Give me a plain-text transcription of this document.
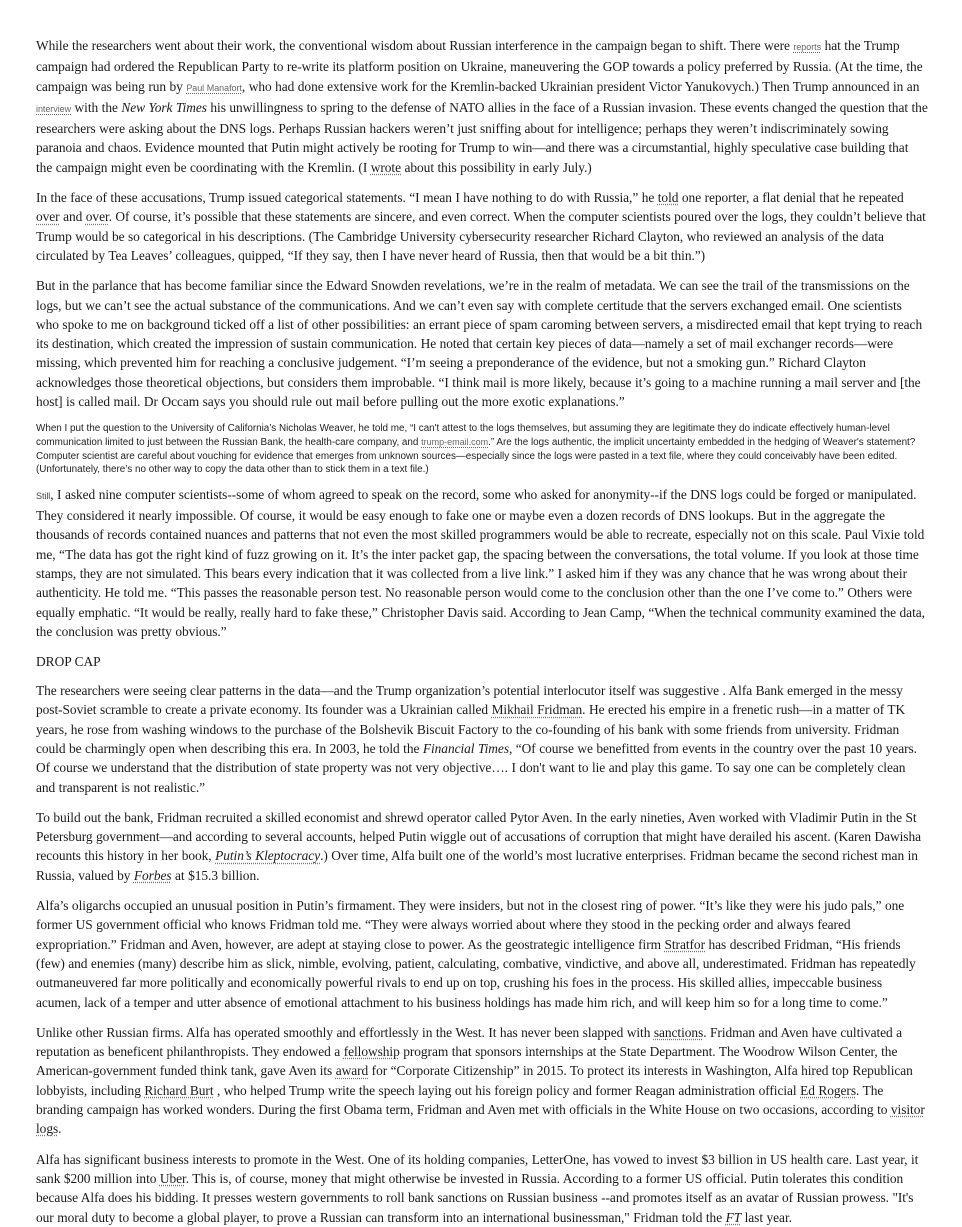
While the researchers went about their work, the conventional wisdom about Russian interference in the campaign began to shift. There were reports hat the Trump campaign had ordered the Republican Party to re-write its platform position on Ukraine, maneuvering the GOP towards a policy preferred by Russia. (At the time, the campaign was being run by Paul Manafort, who had done extensive work for the Kremlin-backed Ukrainian president Victor Yanukovych.) Then Trump announced in an interview with the New York Times his unwillingness to spring to the defense of NATO allies in the face of a Russian invasion. These events changed the question that the researchers were asking about the DNS logs. Perhaps Russian hackers weren’t just sniffing about for intelligence; perhaps they weren’t indiscriminately sowing paranoia and chaos. Evidence mounted that Putin might actively be rooting for Trump to win—and there was a circumstantial, highly speculative case building that the campaign might even be coordinating with the Kremlin. (I wrote about this possibility in early July.)

In the face of these accusations, Trump issued categorical statements. “I mean I have nothing to do with Russia,” he told one reporter, a flat denial that he repeated over and over. Of course, it’s possible that these statements are sincere, and even correct. When the computer scientists poured over the logs, they couldn’t believe that Trump would be so categorical in his descriptions. (The Cambridge University cybersecurity researcher Richard Clayton, who reviewed an analysis of the data circulated by Tea Leaves’ colleagues, quipped, “If they say, then I have never heard of Russia, then that would be a bit thin.”)

But in the parlance that has become familiar since the Edward Snowden revelations, we’re in the realm of metadata. We can see the trail of the transmissions on the logs, but we can’t see the actual substance of the communications. And we can’t even say with complete certitude that the servers exchanged email. One scientists who spoke to me on background ticked off a list of other possibilities: an errant piece of spam caroming between servers, a misdirected email that kept trying to reach its destination, which created the impression of sustain communication. He noted that certain key pieces of data—namely a set of mail exchanger records—were missing, which prevented him for reaching a conclusive judgement. “I’m seeing a preponderance of the evidence, but not a smoking gun.” Richard Clayton acknowledges those theoretical objections, but considers them improbable. “I think mail is more likely, because it’s going to a machine running a mail server and [the host] is called mail. Dr Occam says you should rule out mail before pulling out the more exotic explanations.”

When I put the question to the University of California’s Nicholas Weaver, he told me, “I can't attest to the logs themselves, but assuming they are legitimate they do indicate effectively human-level communication limited to just between the Russian Bank, the health-care company, and trump-email.com.” Are the logs authentic, the implicit uncertainty embedded in the hedging of Weaver's statement? Computer scientist are careful about vouching for evidence that emerges from unknown sources—especially since the logs were pasted in a text file, where they could conceivably have been edited. (Unfortunately, there’s no other way to copy the data other than to stick them in a text file.)

Still, I asked nine computer scientists--some of whom agreed to speak on the record, some who asked for anonymity--if the DNS logs could be forged or manipulated. They considered it nearly impossible. Of course, it would be easy enough to fake one or maybe even a dozen records of DNS lookups. But in the aggregate the thousands of records contained nuances and patterns that not even the most skilled programmers would be able to recreate, especially not on this scale. Paul Vixie told me, “The data has got the right kind of fuzz growing on it. It’s the inter packet gap, the spacing between the conversations, the total volume. If you look at those time stamps, they are not simulated. This bears every indication that it was collected from a live link.” I asked him if they was any chance that he was wrong about their authenticity. He told me. “This passes the reasonable person test. No reasonable person would come to the conclusion other than the one I’ve come to.” Others were equally emphatic. “It would be really, really hard to fake these,” Christopher Davis said. According to Jean Camp, “When the technical community examined the data, the conclusion was pretty obvious.”

DROP CAP

The researchers were seeing clear patterns in the data—and the Trump organization’s potential interlocutor itself was suggestive . Alfa Bank emerged in the messy post-Soviet scramble to create a private economy. Its founder was a Ukrainian called Mikhail Fridman. He erected his empire in a frenetic rush—in a matter of TK years, he rose from washing windows to the purchase of the Bolshevik Biscuit Factory to the co-founding of his bank with some friends from university. Fridman could be charmingly open when describing this era. In 2003, he told the Financial Times, “Of course we benefitted from events in the country over the past 10 years. Of course we understand that the distribution of state property was not very objective…. I don't want to lie and play this game. To say one can be completely clean and transparent is not realistic.”

To build out the bank, Fridman recruited a skilled economist and shrewd operator called Pytor Aven. In the early nineties, Aven worked with Vladimir Putin in the St Petersburg government—and according to several accounts, helped Putin wiggle out of accusations of corruption that might have derailed his ascent. (Karen Dawisha recounts this history in her book, Putin’s Kleptocracy.) Over time, Alfa built one of the world’s most lucrative enterprises. Fridman became the second richest man in Russia, valued by Forbes at $15.3 billion.

Alfa’s oligarchs occupied an unusual position in Putin’s firmament. They were insiders, but not in the closest ring of power. “It’s like they were his judo pals,” one former US government official who knows Fridman told me. “They were always worried about where they stood in the pecking order and always feared expropriation.” Fridman and Aven, however, are adept at staying close to power. As the geostrategic intelligence firm Stratfor has described Fridman, “His friends (few) and enemies (many) describe him as slick, nimble, evolving, patient, calculating, combative, vindictive, and above all, underestimated. Fridman has repeatedly outmaneuvered far more politically and economically powerful rivals to end up on top, crushing his foes in the process. His skilled allies, impeccable business acumen, lack of a temper and utter absence of emotional attachment to his business holdings has made him rich, and will keep him so for a long time to come.”

Unlike other Russian firms. Alfa has operated smoothly and effortlessly in the West. It has never been slapped with sanctions. Fridman and Aven have cultivated a reputation as beneficent philanthropists. They endowed a fellowship program that sponsors internships at the State Department. The Woodrow Wilson Center, the American-government funded think tank, gave Aven its award for “Corporate Citizenship” in 2015. To protect its interests in Washington, Alfa hired top Republican lobbyists, including Richard Burt , who helped Trump write the speech laying out his foreign policy and former Reagan administration official Ed Rogers. The branding campaign has worked wonders. During the first Obama term, Fridman and Aven met with officials in the White House on two occasions, according to visitor logs.

Alfa has significant business interests to promote in the West. One of its holding companies, LetterOne, has vowed to invest $3 billion in US health care. Last year, it sank $200 million into Uber. This is, of course, money that might otherwise be invested in Russia. According to a former US official. Putin tolerates this condition because Alfa does his bidding. It presses western governments to roll bank sanctions on Russian business --and promotes itself as an avatar of Russian prowess. "It's our moral duty to become a global player, to prove a Russian can transform into an international businessman," Fridman told the FT last year.
